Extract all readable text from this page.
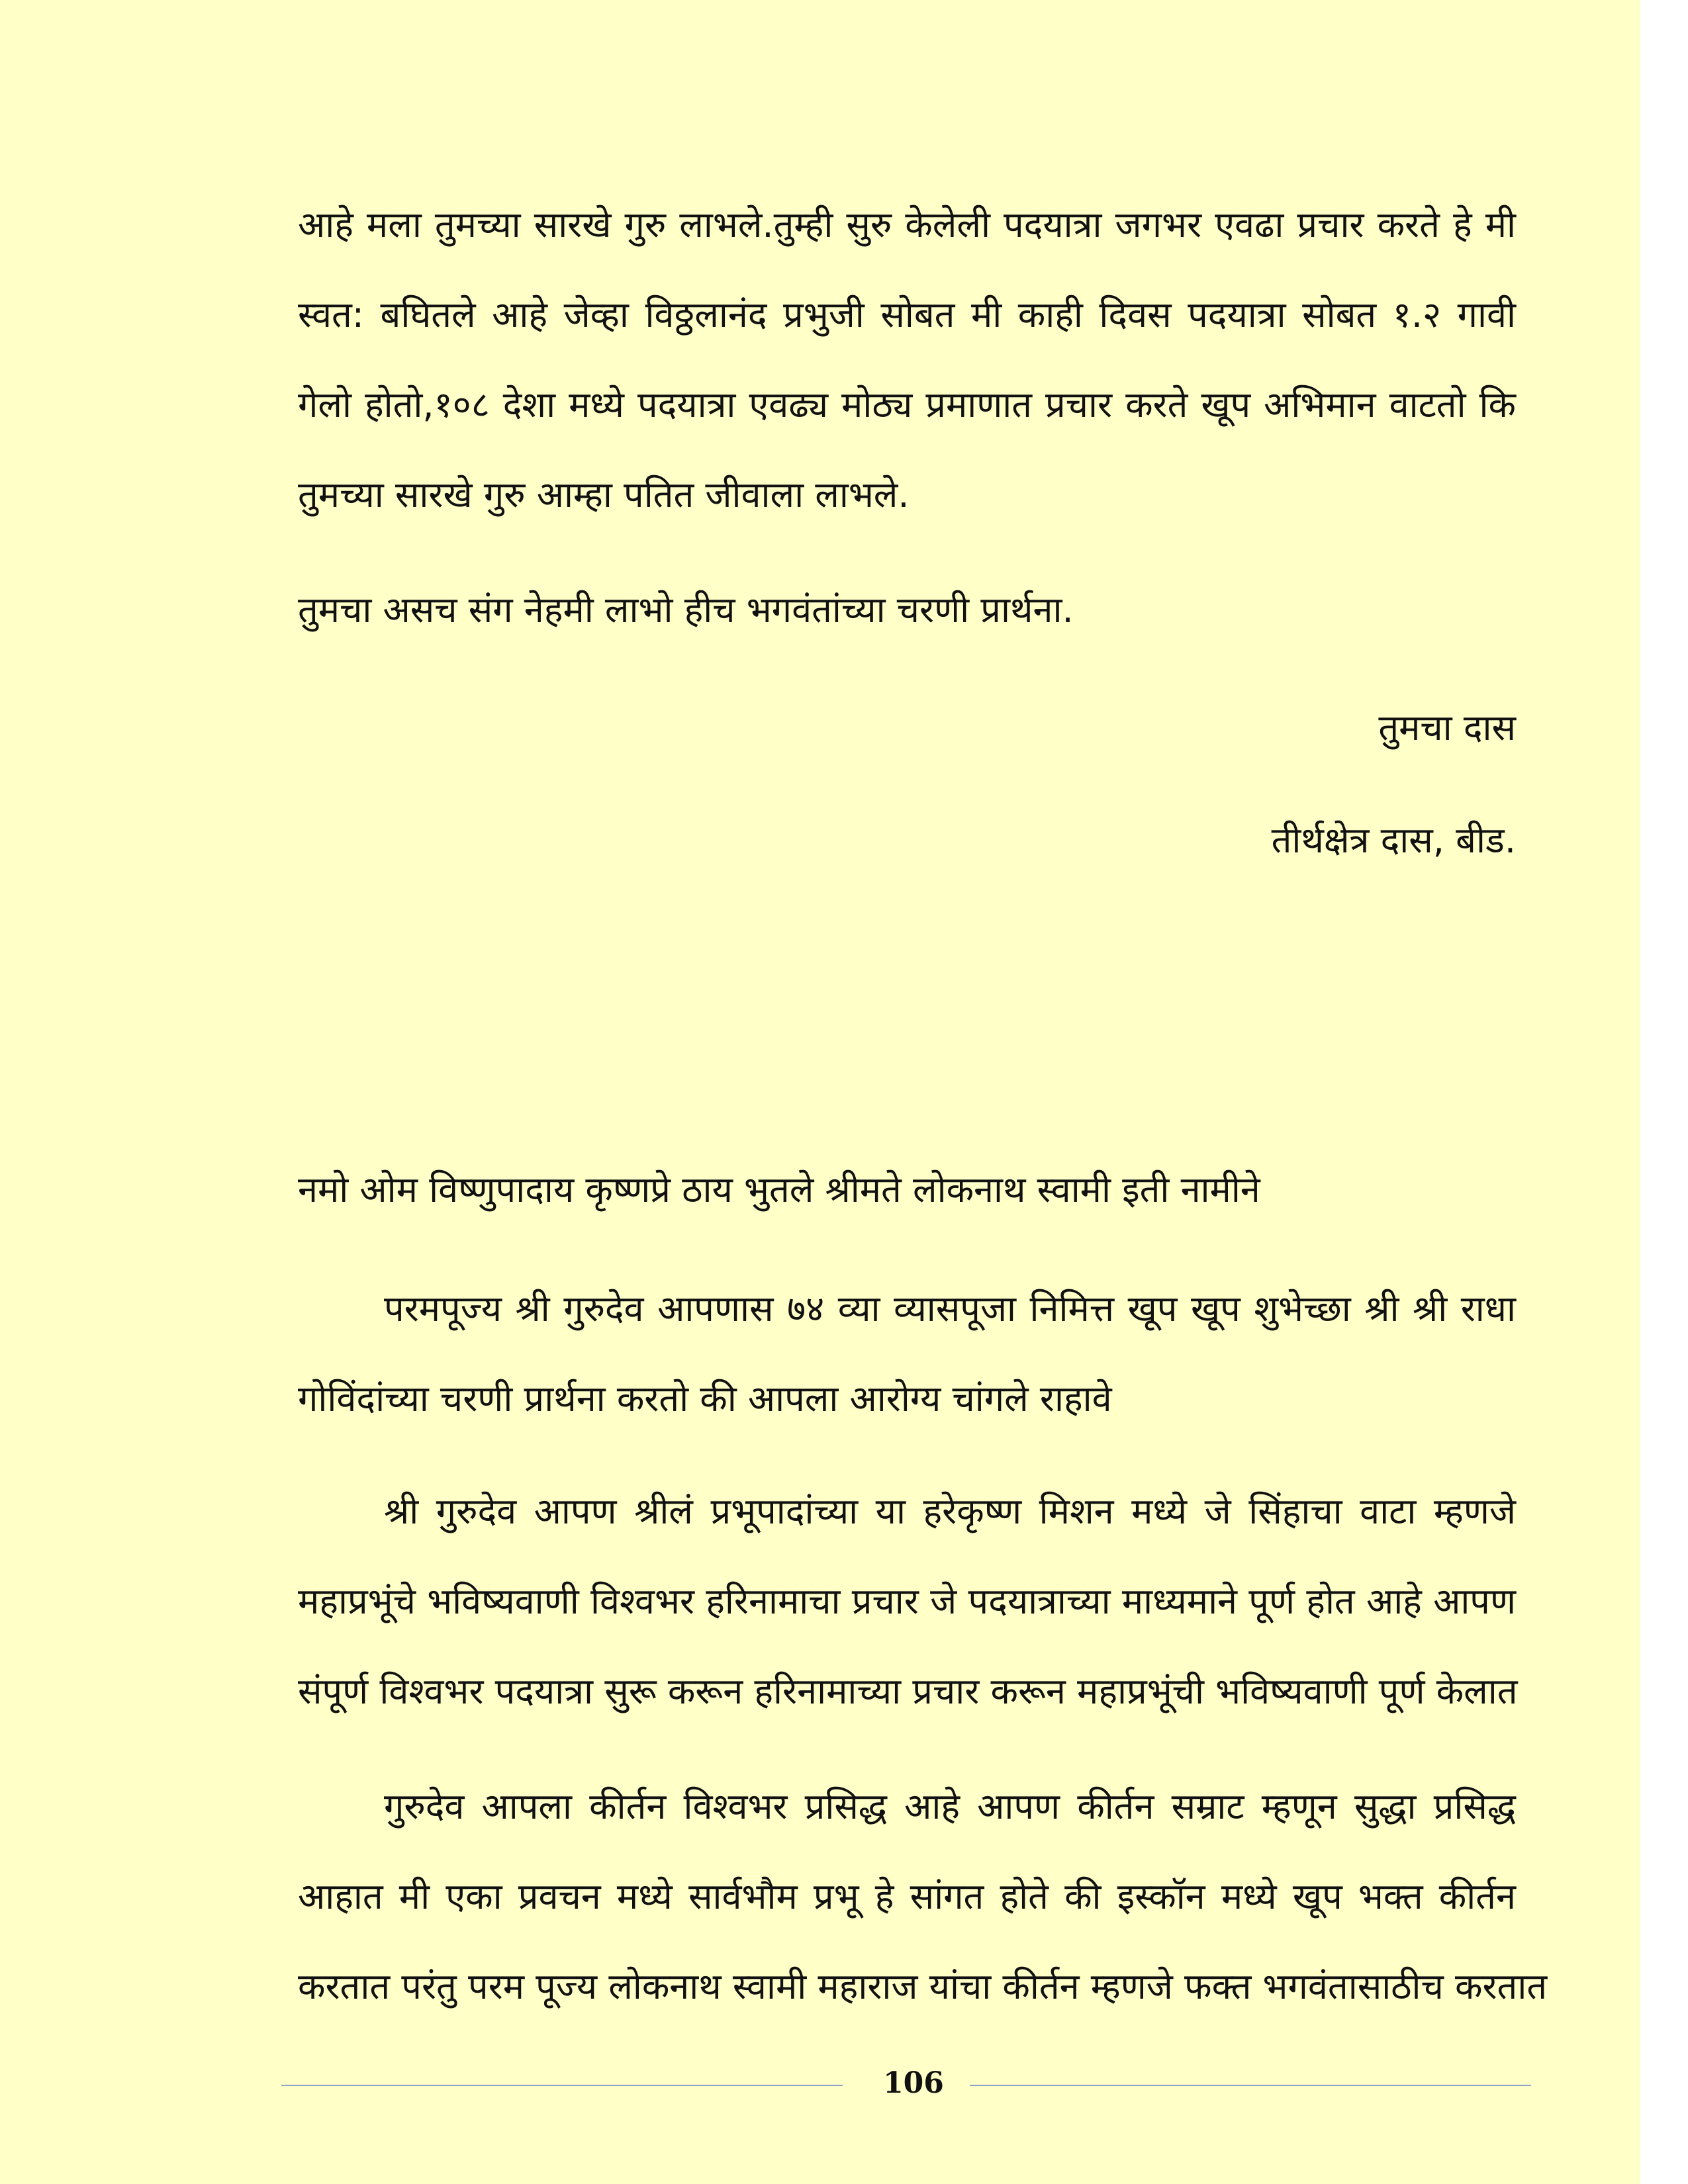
आहे मला तुमच्या सारखे गुरु लाभले.तुम्ही सुरु केलेली पदयात्रा जगभर एवढा प्रचार करते हे मी
स्वत: बघितले आहे जेव्हा विठ्ठलानंद प्रभुजी सोबत मी काही दिवस पदयात्रा सोबत १.२ गावी
गेलो होतो,१०८ देशा मध्ये पदयात्रा एवढ्य मोठ्य प्रमाणात प्रचार करते खूप अभिमान वाटतो कि
तुमच्या सारखे गुरु आम्हा पतित जीवाला लाभले.
तुमचा असच संग नेहमी लाभो हीच भगवंतांच्या चरणी प्रार्थना.
तुमचा दास
तीर्थक्षेत्र दास, बीड.
नमो ओम विष्णुपादाय कृष्णप्रे ठाय भुतले श्रीमते लोकनाथ स्वामी इती नामीने
परमपूज्य श्री गुरुदेव आपणास ७४ व्या व्यासपूजा निमित्त खूप खूप शुभेच्छा श्री श्री राधा
गोविंदांच्या चरणी प्रार्थना करतो की आपला आरोग्य चांगले राहावे
श्री गुरुदेव आपण श्रीलं प्रभूपादांच्या या हरेकृष्ण मिशन मध्ये जे सिंहाचा वाटा म्हणजे
महाप्रभूंचे भविष्यवाणी विश्वभर हरिनामाचा प्रचार जे पदयात्राच्या माध्यमाने पूर्ण होत आहे आपण
संपूर्ण विश्वभर पदयात्रा सुरू करून हरिनामाच्या प्रचार करून महाप्रभूंची भविष्यवाणी पूर्ण केलात
गुरुदेव आपला कीर्तन विश्वभर प्रसिद्ध आहे आपण कीर्तन सम्राट म्हणून सुद्धा प्रसिद्ध
आहात मी एका प्रवचन मध्ये सार्वभौम प्रभू हे सांगत होते की इस्कॉन मध्ये खूप भक्त कीर्तन
करतात परंतु परम पूज्य लोकनाथ स्वामी महाराज यांचा कीर्तन म्हणजे फक्त भगवंतासाठीच करतात
106
